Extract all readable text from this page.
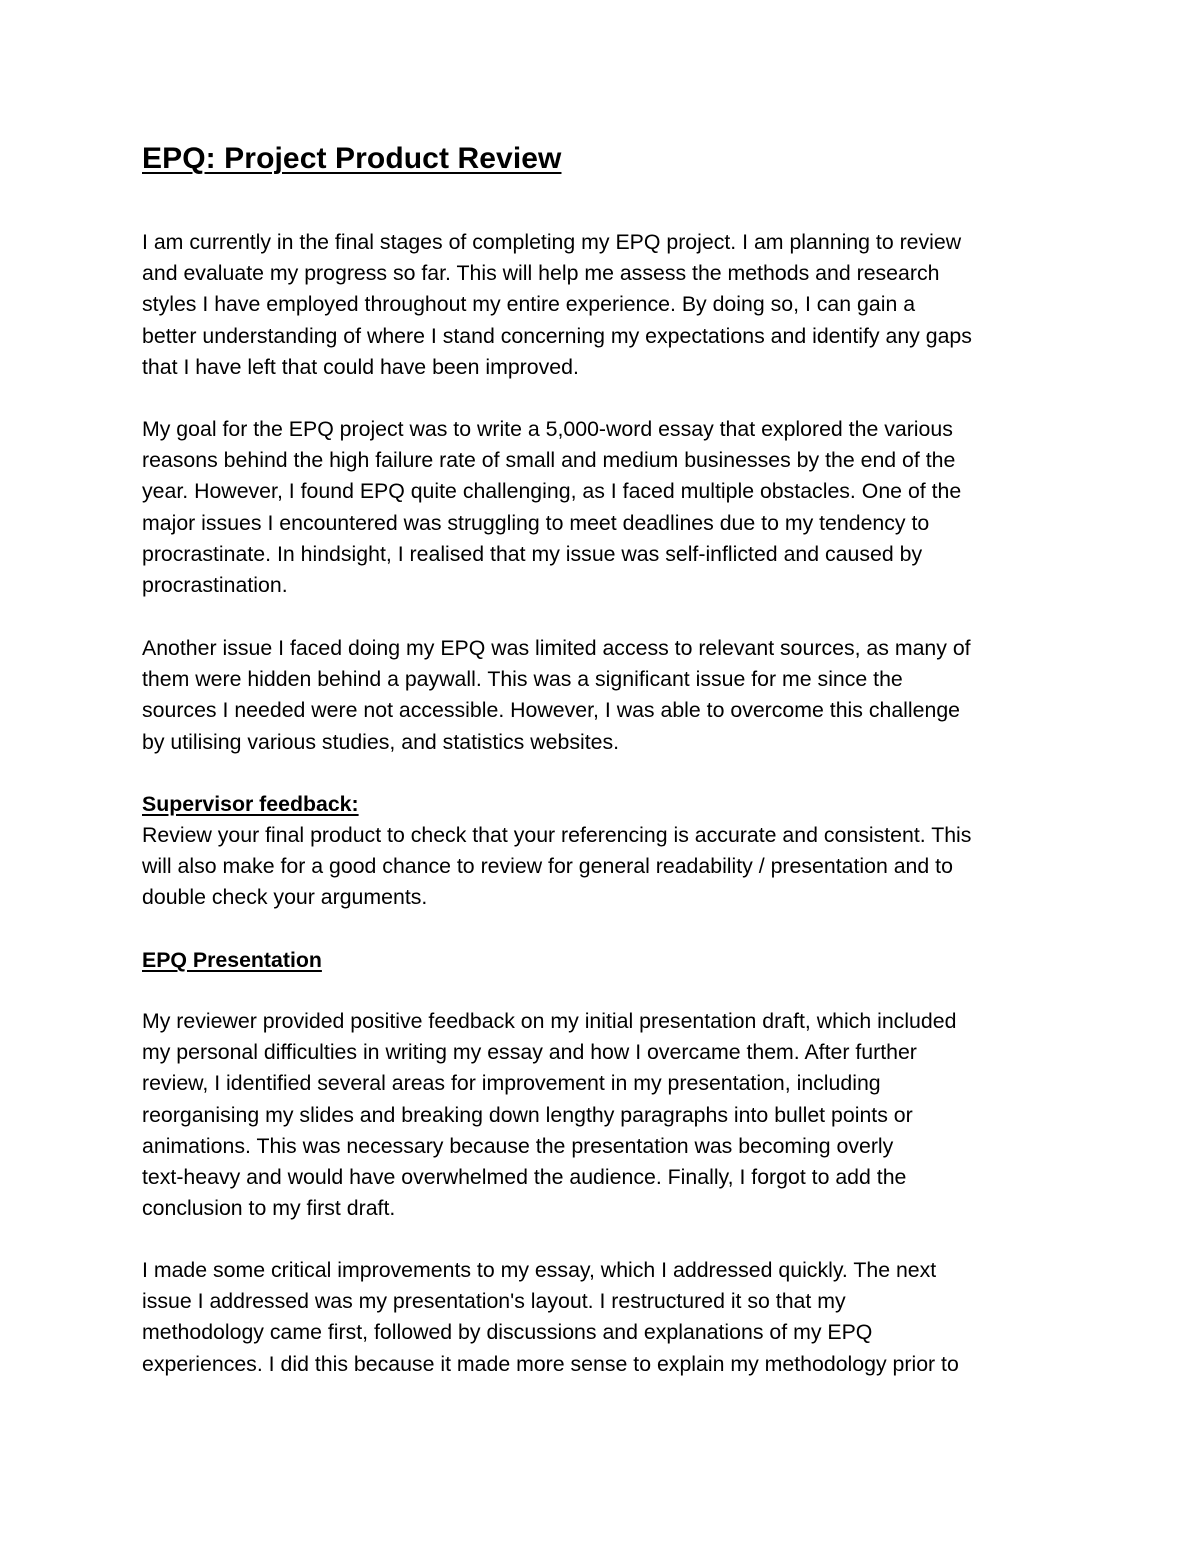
EPQ: Project Product Review

I am currently in the final stages of completing my EPQ project. I am planning to review
and evaluate my progress so far. This will help me assess the methods and research
styles I have employed throughout my entire experience. By doing so, I can gain a
better understanding of where I stand concerning my expectations and identify any gaps
that I have left that could have been improved.

My goal for the EPQ project was to write a 5,000-word essay that explored the various
reasons behind the high failure rate of small and medium businesses by the end of the
year. However, I found EPQ quite challenging, as I faced multiple obstacles. One of the
major issues I encountered was struggling to meet deadlines due to my tendency to
procrastinate. In hindsight, I realised that my issue was self-inflicted and caused by
procrastination.

Another issue I faced doing my EPQ was limited access to relevant sources, as many of
them were hidden behind a paywall. This was a significant issue for me since the
sources I needed were not accessible. However, I was able to overcome this challenge
by utilising various studies, and statistics websites.

Supervisor feedback:

Review your final product to check that your referencing is accurate and consistent. This
will also make for a good chance to review for general readability / presentation and to
double check your arguments.

EPQ Presentation

My reviewer provided positive feedback on my initial presentation draft, which included
my personal difficulties in writing my essay and how I overcame them. After further
review, I identified several areas for improvement in my presentation, including
reorganising my slides and breaking down lengthy paragraphs into bullet points or
animations. This was necessary because the presentation was becoming overly
text-heavy and would have overwhelmed the audience. Finally, I forgot to add the
conclusion to my first draft.

I made some critical improvements to my essay, which I addressed quickly. The next
issue I addressed was my presentation's layout. I restructured it so that my
methodology came first, followed by discussions and explanations of my EPQ
experiences. I did this because it made more sense to explain my methodology prior to
